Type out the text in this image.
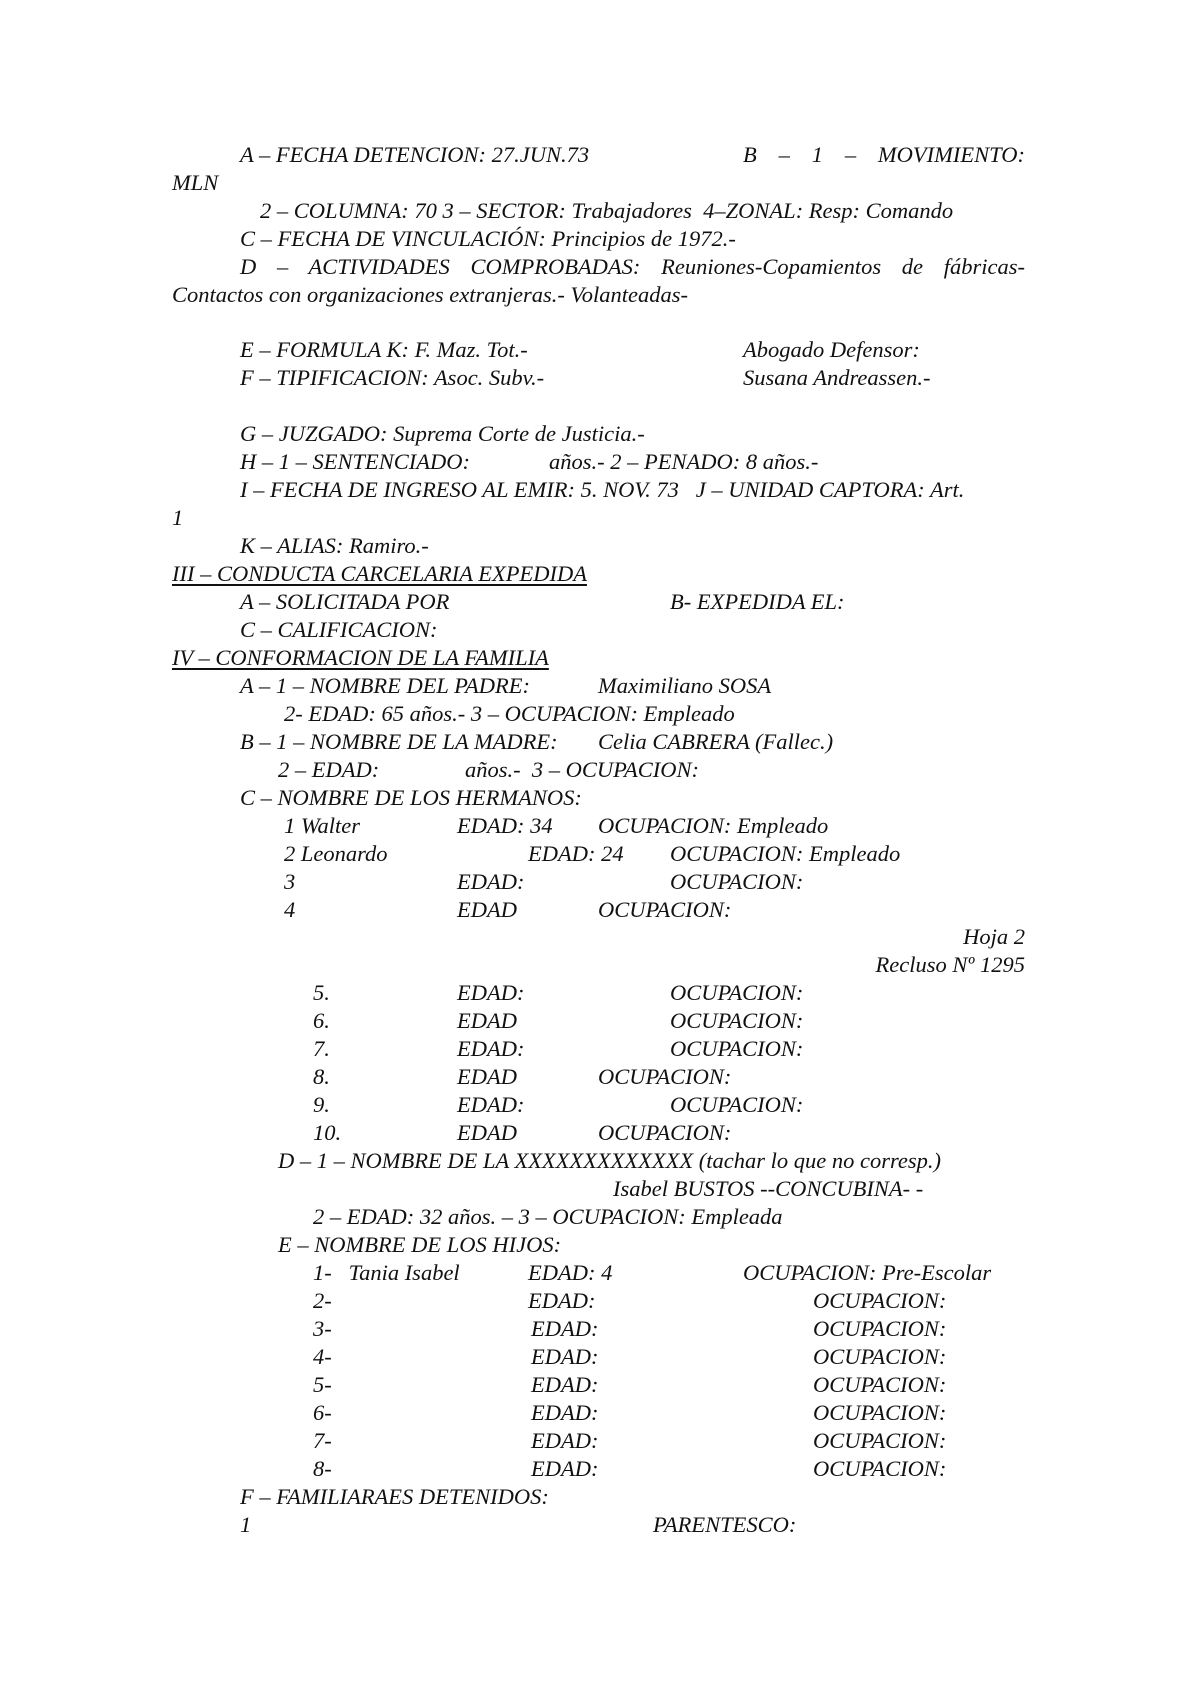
A – FECHA DETENCION: 27.JUN.73	B – 1 – MOVIMIENTO:
MLN
2 – COLUMNA: 70 3 – SECTOR: Trabajadores  4–ZONAL: Resp: Comando
C – FECHA DE VINCULACIÓN: Principios de 1972.-
D – ACTIVIDADES COMPROBADAS: Reuniones-Copamientos de fábricas-
Contactos con organizaciones extranjeras.- Volanteadas-
E – FORMULA K: F. Maz. Tot.-	Abogado Defensor:
F – TIPIFICACION: Asoc. Subv.-	Susana Andreassen.-
G – JUZGADO: Suprema Corte de Justicia.-
H – 1 – SENTENCIADO:	años.- 2 – PENADO: 8 años.-
I – FECHA DE INGRESO AL EMIR: 5. NOV. 73   J – UNIDAD CAPTORA: Art.
1
K – ALIAS: Ramiro.-
III – CONDUCTA CARCELARIA EXPEDIDA
A – SOLICITADA POR	B- EXPEDIDA EL:
C – CALIFICACION:
IV – CONFORMACION DE LA FAMILIA
A – 1 – NOMBRE DEL PADRE:	Maximiliano SOSA
2- EDAD: 65 años.- 3 – OCUPACION: Empleado
B – 1 – NOMBRE DE LA MADRE: Celia CABRERA (Fallec.)
2 – EDAD:	años.-  3 – OCUPACION:
C – NOMBRE DE LOS HERMANOS:
1 Walter	EDAD: 34 OCUPACION: Empleado
2 Leonardo	EDAD: 24 OCUPACION: Empleado
3	EDAD:	OCUPACION:
4	EDAD	OCUPACION:
Hoja 2
Recluso Nº 1295
5.	EDAD:	OCUPACION:
6.	EDAD	OCUPACION:
7.	EDAD:	OCUPACION:
8.	EDAD	OCUPACION:
9.	EDAD:	OCUPACION:
10.	EDAD	OCUPACION:
D – 1 – NOMBRE DE LA XXXXXXXXXXXXX (tachar lo que no corresp.)
Isabel BUSTOS --CONCUBINA- -
2 – EDAD: 32 años. – 3 – OCUPACION: Empleada
E – NOMBRE DE LOS HIJOS:
1-   Tania Isabel	EDAD: 4	OCUPACION: Pre-Escolar
2-	EDAD:	OCUPACION:
3-	EDAD:	OCUPACION:
4-	EDAD:	OCUPACION:
5-	EDAD:	OCUPACION:
6-	EDAD:	OCUPACION:
7-	EDAD:	OCUPACION:
8-	EDAD:	OCUPACION:
F – FAMILIARAES DETENIDOS:
1	PARENTESCO:
